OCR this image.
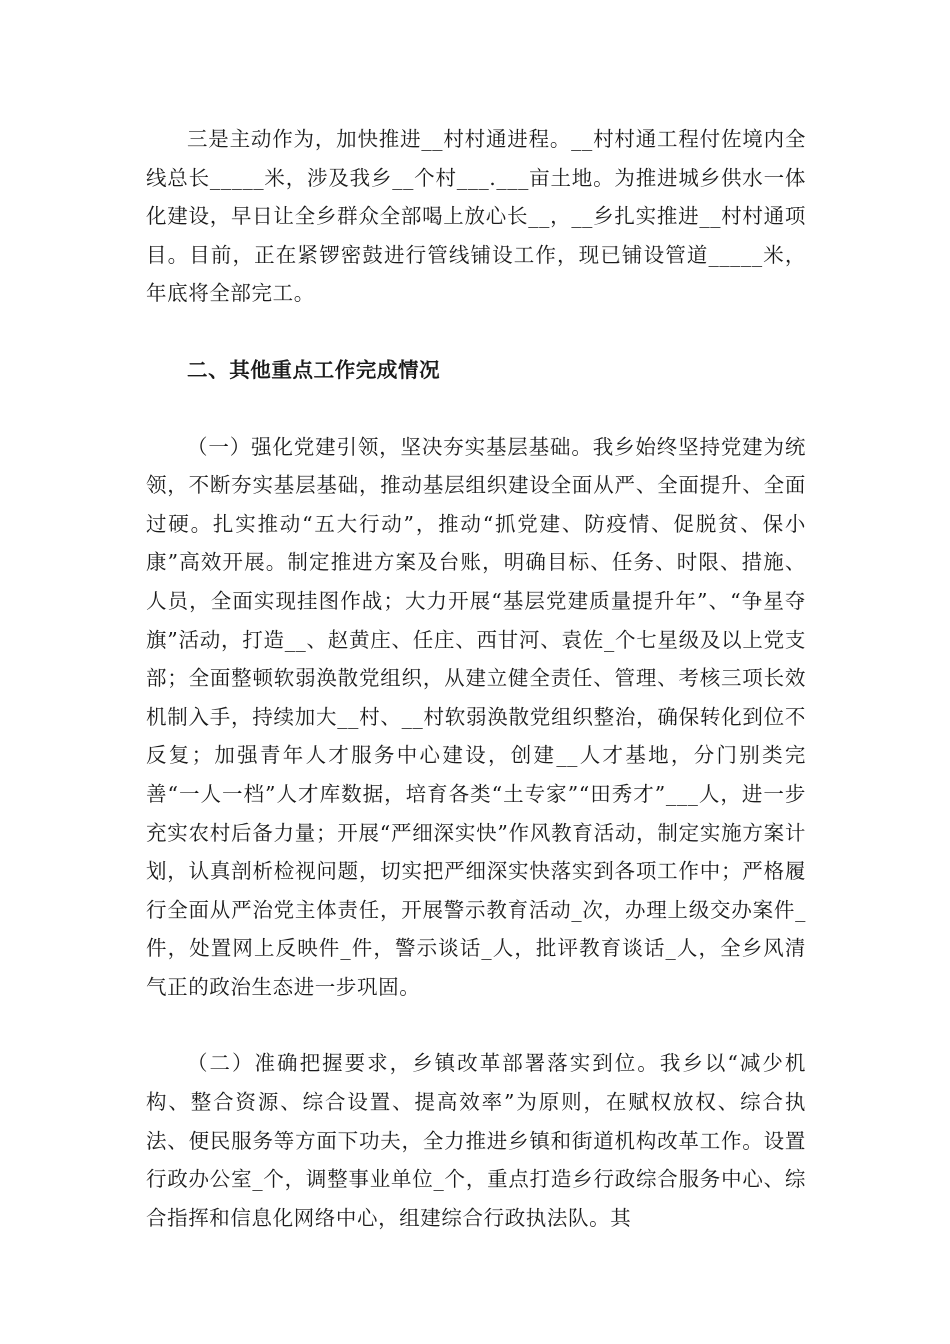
三是主动作为，加快推进__村村通进程。__村村通工程付佐境内全线总长_____米，涉及我乡__个村___.___亩土地。为推进城乡供水一体化建设，早日让全乡群众全部喝上放心长__，__乡扎实推进__村村通项目。目前，正在紧锣密鼓进行管线铺设工作，现已铺设管道_____米，年底将全部完工。

二、其他重点工作完成情况

（一）强化党建引领，坚决夯实基层基础。我乡始终坚持党建为统领，不断夯实基层基础，推动基层组织建设全面从严、全面提升、全面过硬。扎实推动“五大行动”，推动“抓党建、防疫情、促脱贫、保小康”高效开展。制定推进方案及台账，明确目标、任务、时限、措施、人员，全面实现挂图作战；大力开展“基层党建质量提升年”、“争星夺旗”活动，打造__、赵黄庄、任庄、西甘河、袁佐_个七星级及以上党支部；全面整顿软弱涣散党组织，从建立健全责任、管理、考核三项长效机制入手，持续加大__村、__村软弱涣散党组织整治，确保转化到位不反复；加强青年人才服务中心建设，创建__人才基地，分门别类完善“一人一档”人才库数据，培育各类“土专家”“田秀才”___人，进一步充实农村后备力量；开展“严细深实快”作风教育活动，制定实施方案计划，认真剖析检视问题，切实把严细深实快落实到各项工作中；严格履行全面从严治党主体责任，开展警示教育活动_次，办理上级交办案件_件，处置网上反映件_件，警示谈话_人，批评教育谈话_人，全乡风清气正的政治生态进一步巩固。

（二）准确把握要求，乡镇改革部署落实到位。我乡以“减少机构、整合资源、综合设置、提高效率”为原则，在赋权放权、综合执法、便民服务等方面下功夫，全力推进乡镇和街道机构改革工作。设置行政办公室_个，调整事业单位_个，重点打造乡行政综合服务中心、综合指挥和信息化网络中心，组建综合行政执法队。其
